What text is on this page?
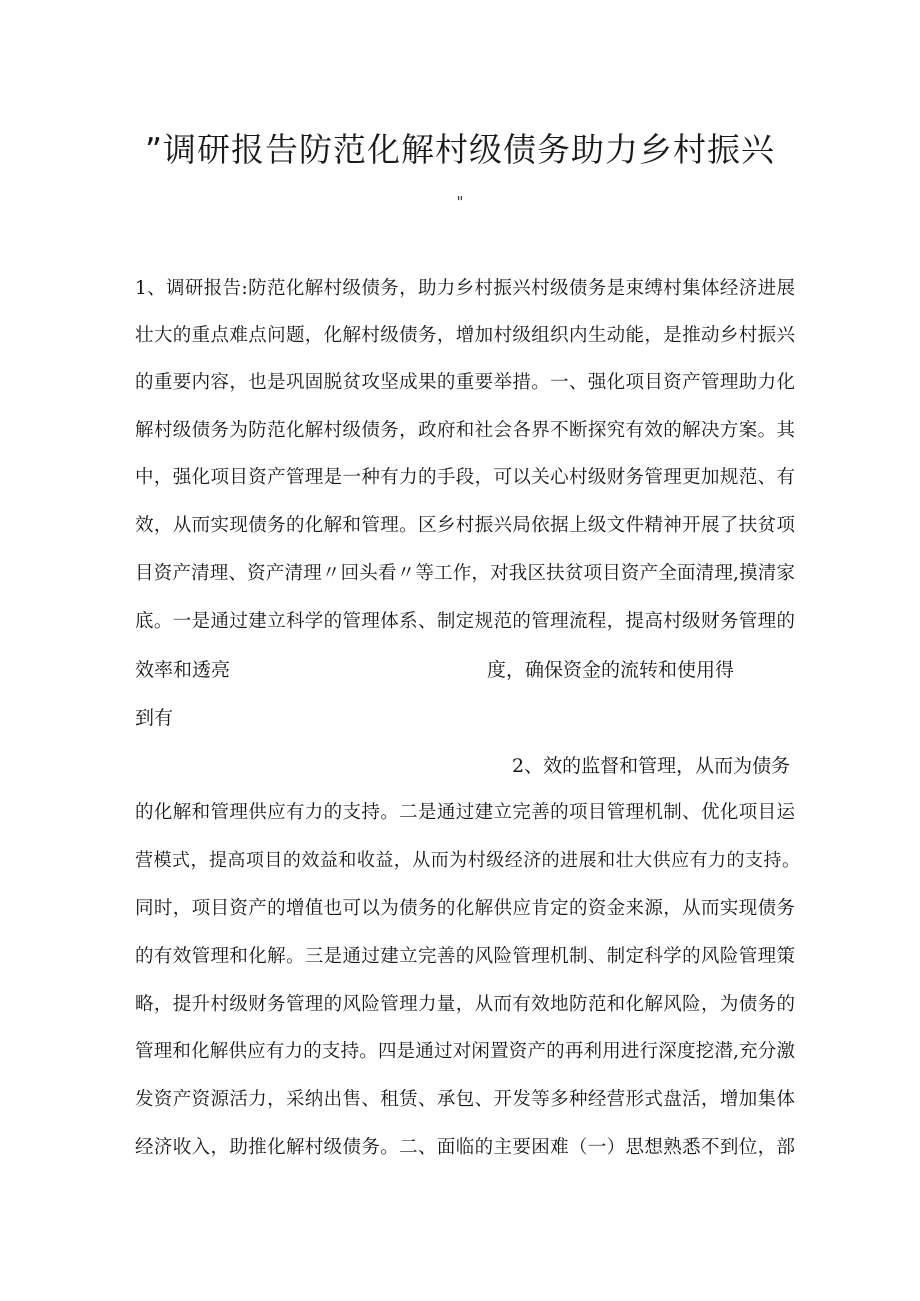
”调研报告防范化解村级债务助力乡村振兴
"
1、调研报告:防范化解村级债务，助力乡村振兴村级债务是束缚村集体经济进展
壮大的重点难点问题，化解村级债务，增加村级组织内生动能，是推动乡村振兴
的重要内容，也是巩固脱贫攻坚成果的重要举措。一、强化项目资产管理助力化
解村级债务为防范化解村级债务，政府和社会各界不断探究有效的解决方案。其
中，强化项目资产管理是一种有力的手段，可以关心村级财务管理更加规范、有
效，从而实现债务的化解和管理。区乡村振兴局依据上级文件精神开展了扶贫项
目资产清理、资产清理〃回头看〃等工作，对我区扶贫项目资产全面清理,摸清家
底。一是通过建立科学的管理体系、制定规范的管理流程，提高村级财务管理的
效率和透亮	度，确保资金的流转和使用得
到有
2、效的监督和管理，从而为债务
的化解和管理供应有力的支持。二是通过建立完善的项目管理机制、优化项目运
营模式，提高项目的效益和收益，从而为村级经济的进展和壮大供应有力的支持。
同时，项目资产的增值也可以为债务的化解供应肯定的资金来源，从而实现债务
的有效管理和化解。三是通过建立完善的风险管理机制、制定科学的风险管理策
略，提升村级财务管理的风险管理力量，从而有效地防范和化解风险，为债务的
管理和化解供应有力的支持。四是通过对闲置资产的再利用进行深度挖潜,充分激
发资产资源活力，采纳出售、租赁、承包、开发等多种经营形式盘活，增加集体
经济收入，助推化解村级债务。二、面临的主要困难（一）思想熟悉不到位，部
